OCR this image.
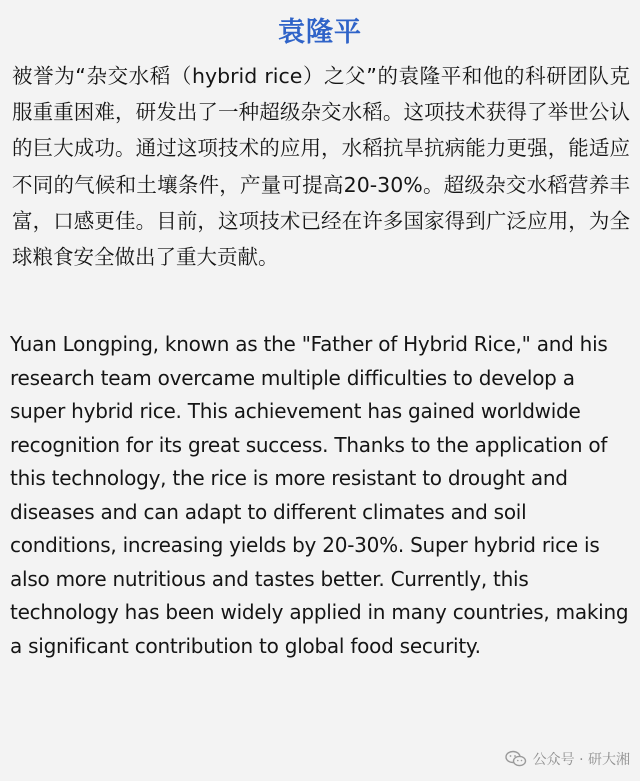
袁隆平

被誉为“杂交水稻（hybrid rice）之父”的袁隆平和他的科研团队克服重重困难，研发出了一种超级杂交水稻。这项技术获得了举世公认的巨大成功。通过这项技术的应用，水稻抗旱抗病能力更强，能适应不同的气候和土壤条件，产量可提高20-30%。超级杂交水稻营养丰富，口感更佳。目前，这项技术已经在许多国家得到广泛应用，为全球粮食安全做出了重大贡献。

Yuan Longping, known as the "Father of Hybrid Rice," and his research team overcame multiple difficulties to develop a super hybrid rice. This achievement has gained worldwide recognition for its great success. Thanks to the application of this technology, the rice is more resistant to drought and diseases and can adapt to different climates and soil conditions, increasing yields by 20-30%. Super hybrid rice is also more nutritious and tastes better. Currently, this technology has been widely applied in many countries, making a significant contribution to global food security.

公众号 · 研大湘
